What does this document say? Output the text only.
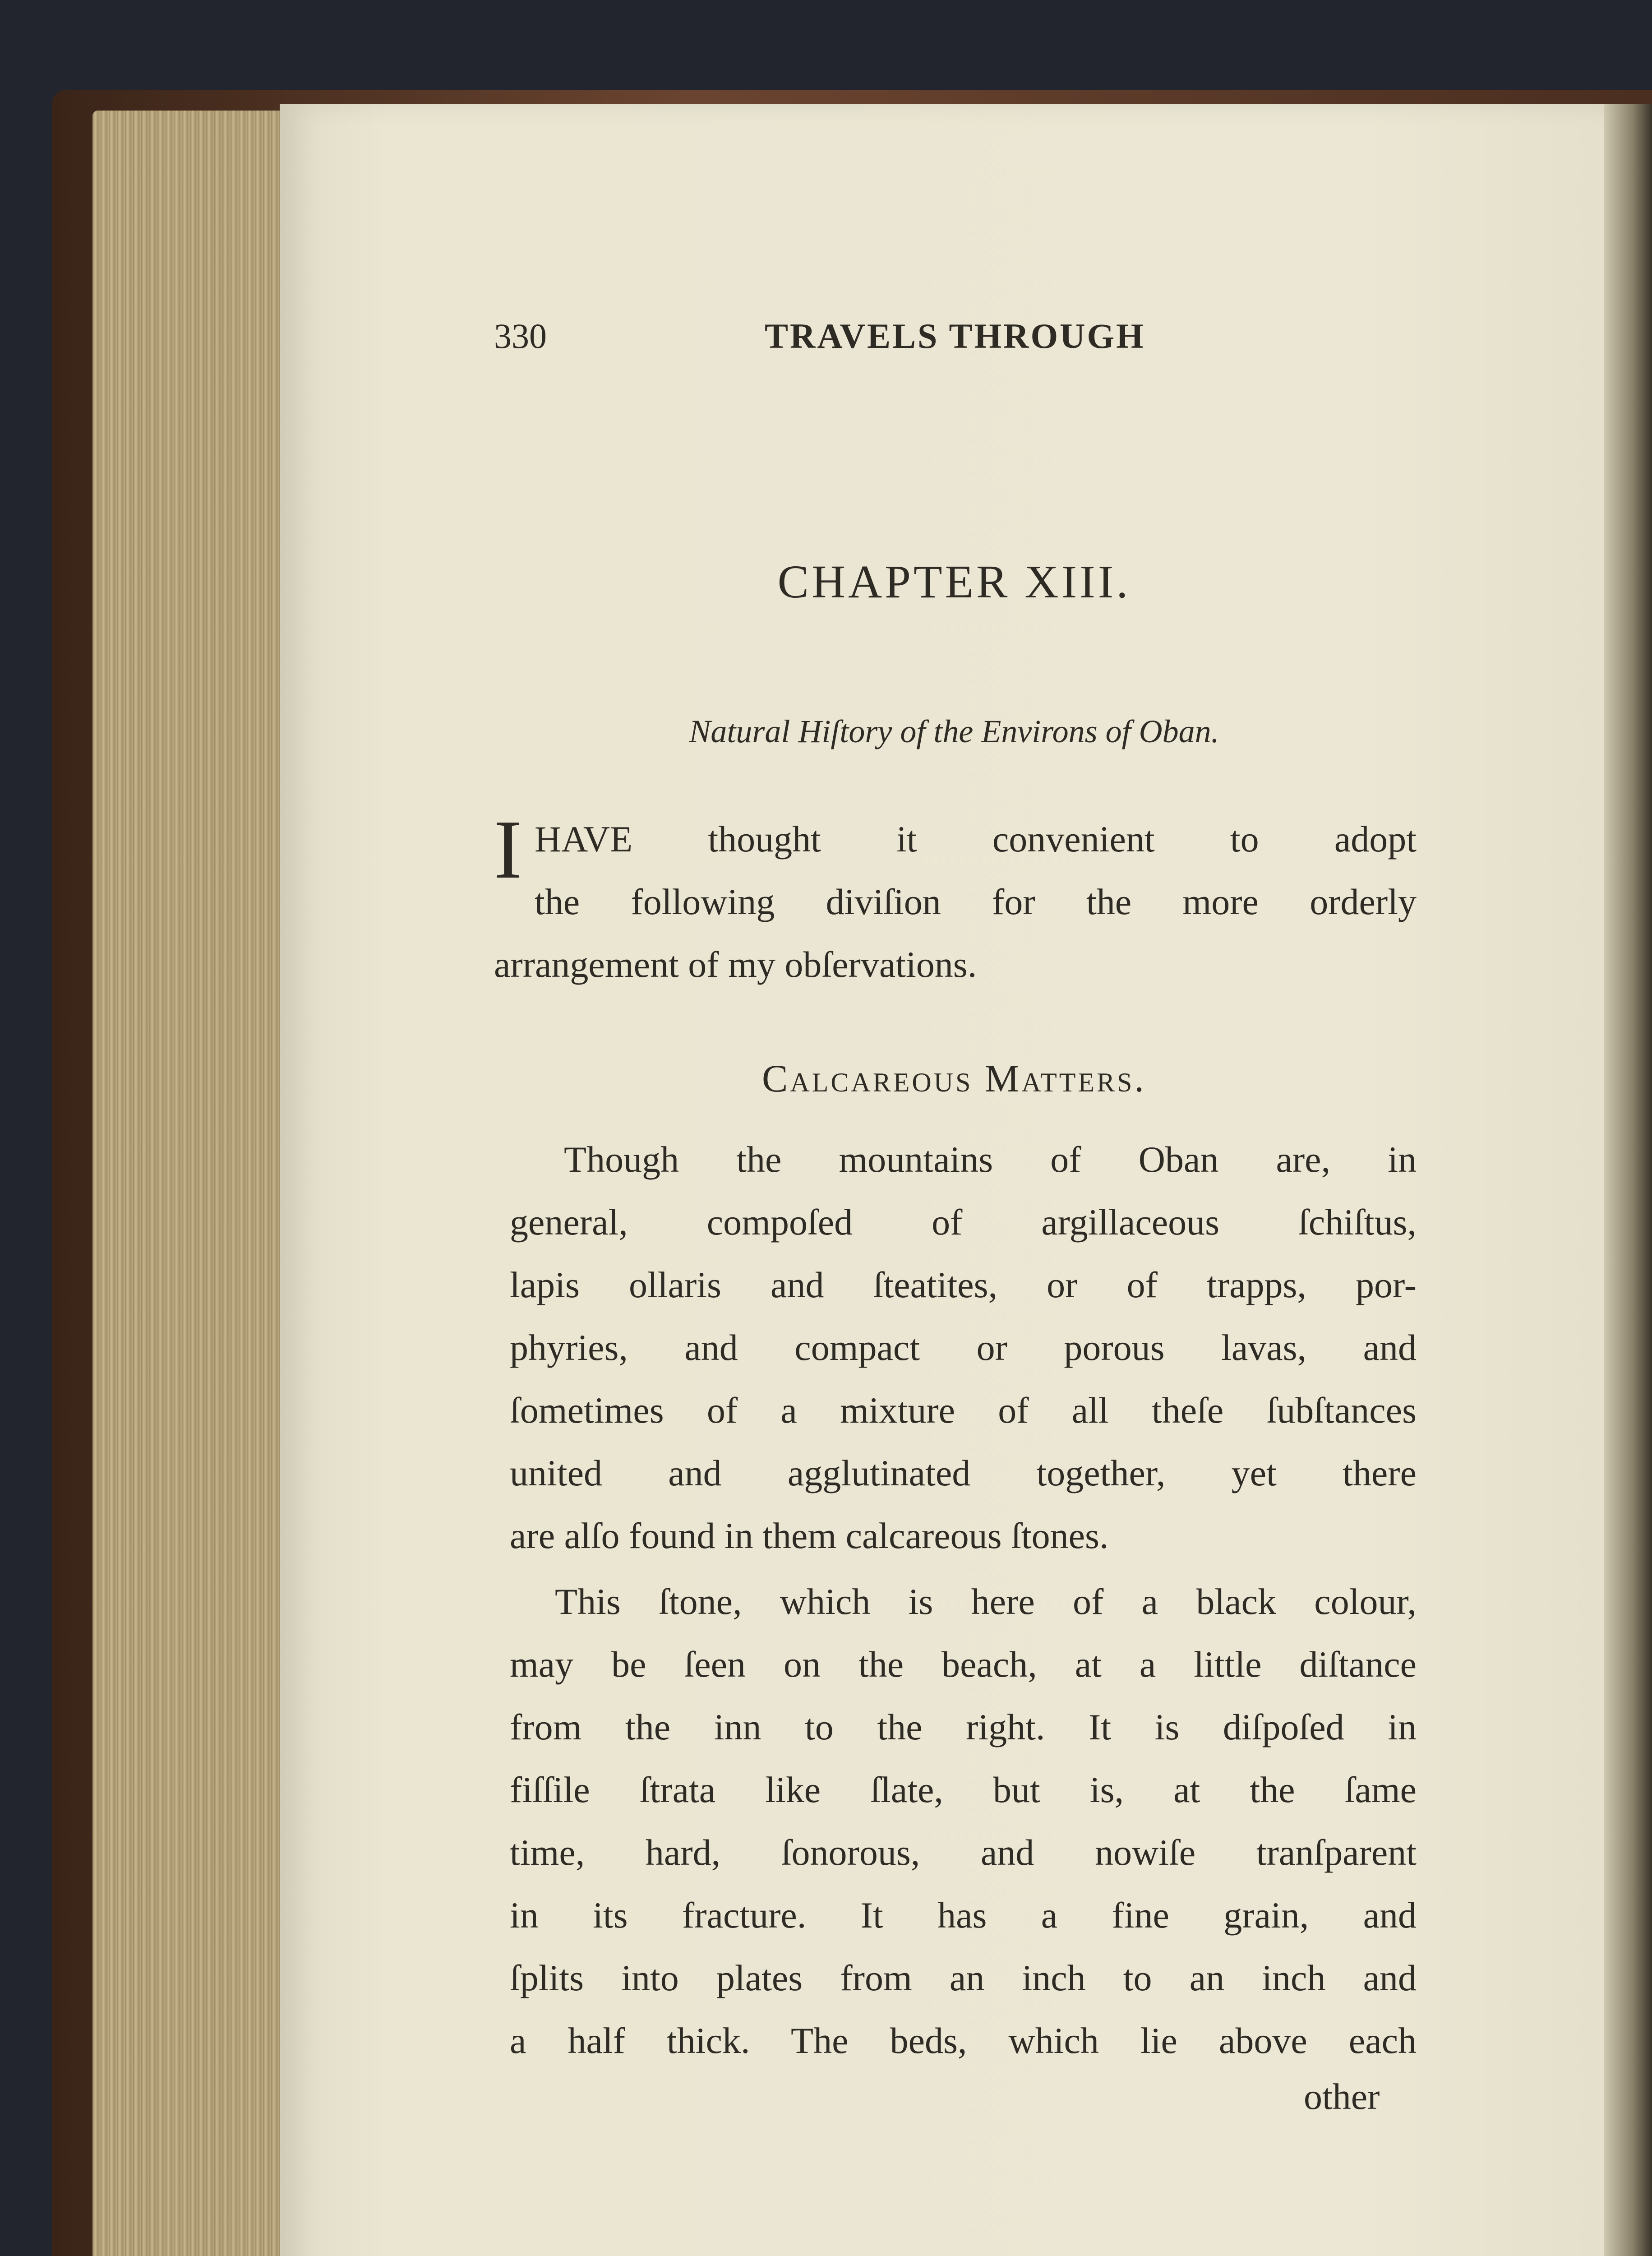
330	TRAVELS THROUGH
CHAPTER XIII.
Natural Hiſtory of the Environs of Oban.
I HAVE thought it convenient to adopt
the following diviſion for the more orderly
arrangement of my obſervations.
Calcareous Matters.
Though the mountains of Oban are, in
general, compoſed of argillaceous ſchiſtus,
lapis ollaris and ſteatites, or of trapps, por-
phyries, and compact or porous lavas, and
ſometimes of a mixture of all theſe ſubſtances
united and agglutinated together, yet there
are alſo found in them calcareous ſtones.
This ſtone, which is here of a black colour,
may be ſeen on the beach, at a little diſtance
from the inn to the right. It is diſpoſed in
fiſſile ſtrata like ſlate, but is, at the ſame
time, hard, ſonorous, and nowiſe tranſparent
in its fracture. It has a fine grain, and
ſplits into plates from an inch to an inch and
a half thick. The beds, which lie above each
other
